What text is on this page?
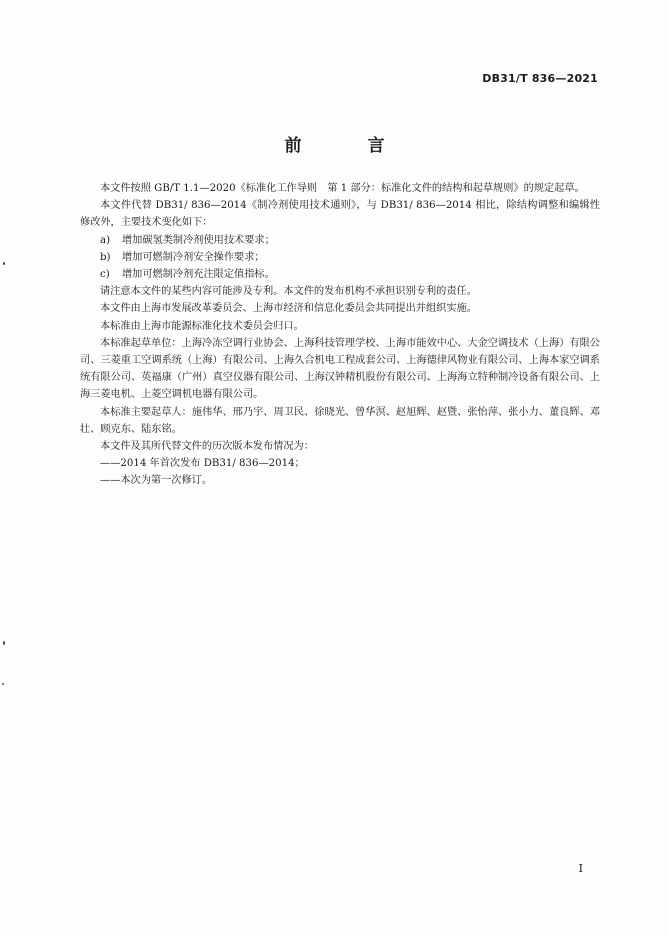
DB31/T 836—2021
前 言

本文件按照 GB/T 1.1—2020《标准化工作导则　第 1 部分：标准化文件的结构和起草规则》的规定起草。

本文件代替 DB31/ 836—2014《制冷剂使用技术通则》，与 DB31/ 836—2014 相比，除结构调整和编辑性修改外，主要技术变化如下：

a) 增加碳氢类制冷剂使用技术要求；

b) 增加可燃制冷剂安全操作要求；

c) 增加可燃制冷剂充注限定值指标。

请注意本文件的某些内容可能涉及专利。本文件的发布机构不承担识别专利的责任。

本文件由上海市发展改革委员会、上海市经济和信息化委员会共同提出并组织实施。

本标准由上海市能源标准化技术委员会归口。

本标准起草单位：上海冷冻空调行业协会、上海科技管理学校、上海市能效中心、大金空调技术（上海）有限公司、三菱重工空调系统（上海）有限公司、上海久合机电工程成套公司、上海德律风物业有限公司、上海本家空调系统有限公司、英福康（广州）真空仪器有限公司、上海汉钟精机股份有限公司、上海海立特种制冷设备有限公司、上海三菱电机、上菱空调机电器有限公司。

本标准主要起草人：施伟华、邢乃宇、周卫民、徐晓光、曾华溟、赵旭辉、赵暨、张怡萍、张小力、董良辉、邓壮、顾克东、陆东铭。

本文件及其所代替文件的历次版本发布情况为：

——2014 年首次发布 DB31/ 836—2014；

——本次为第一次修订。

I
